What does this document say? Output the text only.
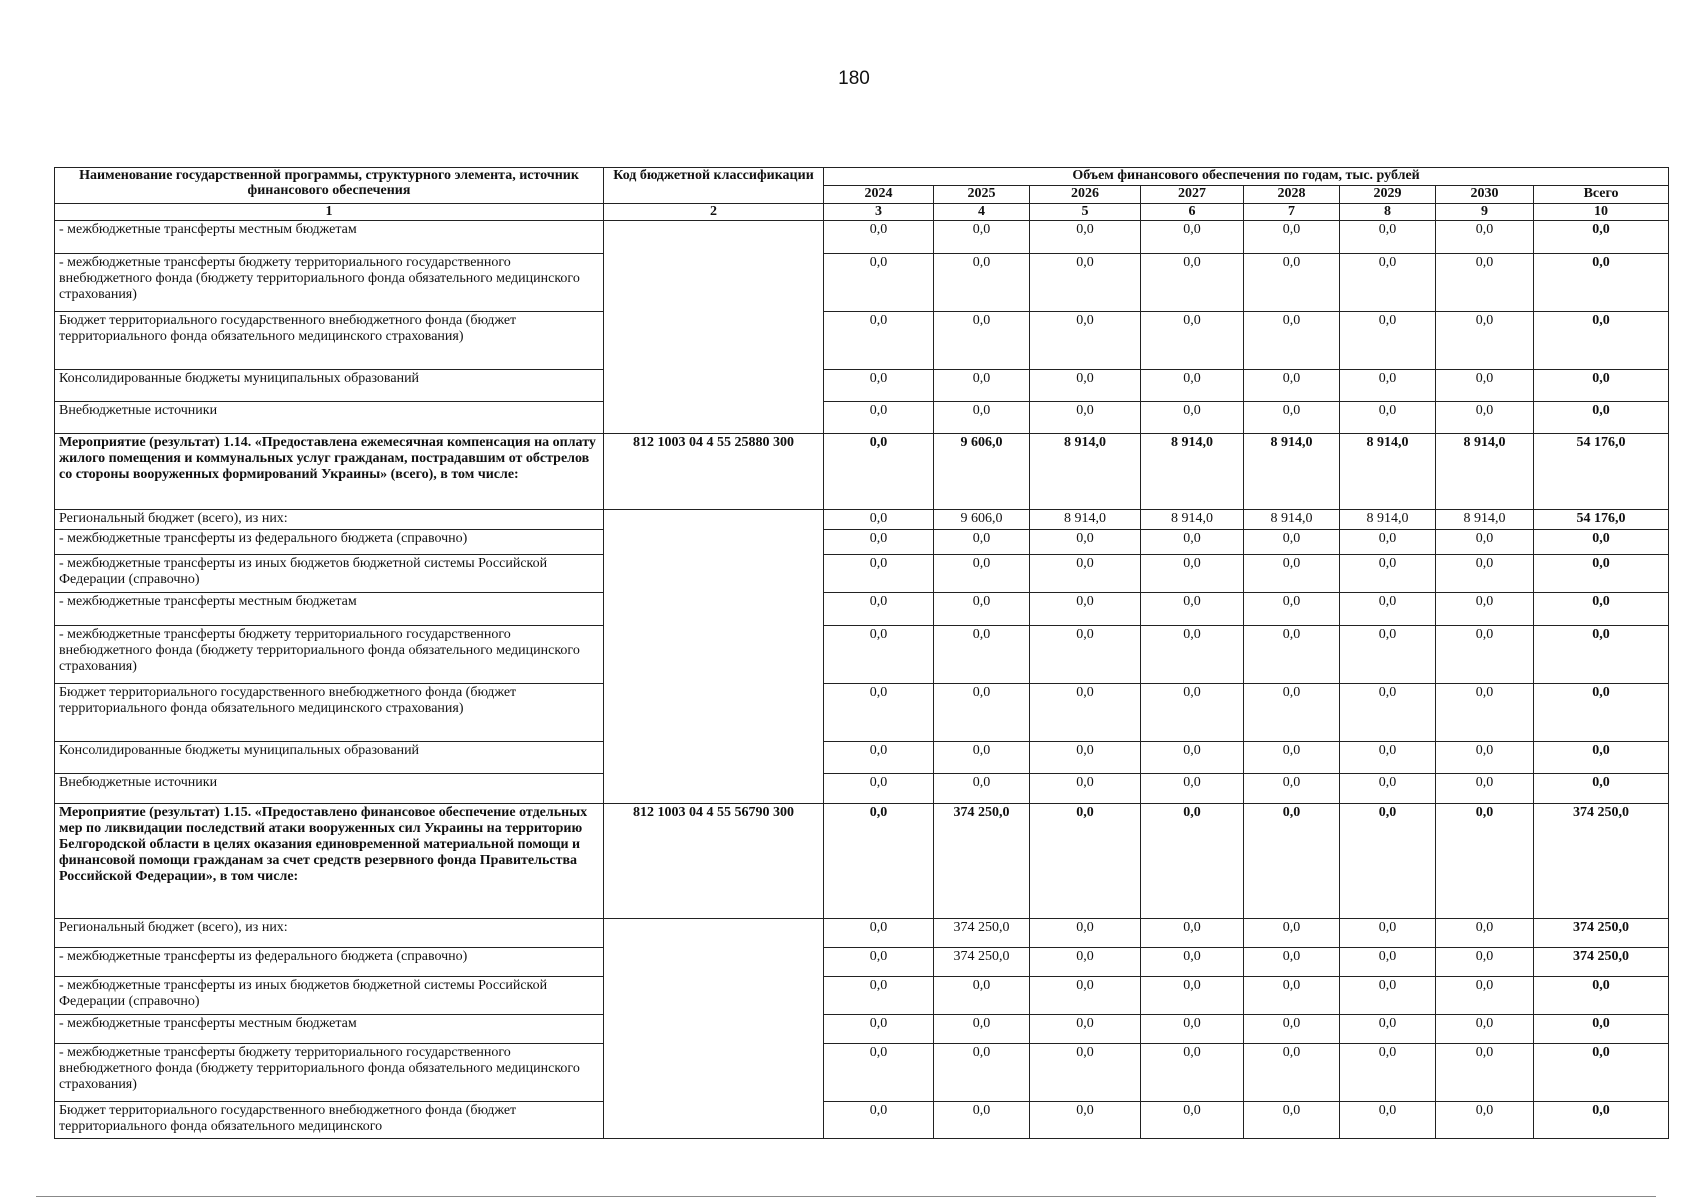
180
Наименование государственной программы, структурного элемента, источник финансового обеспечения	Код бюджетной классификации	Объем финансового обеспечения по годам, тыс. рублей							
		2024	2025	2026	2027	2028	2029	2030	Всего
1	2	3	4	5	6	7	8	9	10
- межбюджетные трансферты местным бюджетам		0,0	0,0	0,0	0,0	0,0	0,0	0,0	0,0
- межбюджетные трансферты бюджету территориального государственного внебюджетного фонда (бюджету территориального фонда обязательного медицинского страхования)		0,0	0,0	0,0	0,0	0,0	0,0	0,0	0,0
Бюджет территориального государственного внебюджетного фонда (бюджет территориального фонда обязательного медицинского страхования)		0,0	0,0	0,0	0,0	0,0	0,0	0,0	0,0
Консолидированные бюджеты муниципальных образований		0,0	0,0	0,0	0,0	0,0	0,0	0,0	0,0
Внебюджетные источники		0,0	0,0	0,0	0,0	0,0	0,0	0,0	0,0
Мероприятие (результат) 1.14. «Предоставлена ежемесячная компенсация на оплату жилого помещения и коммунальных услуг гражданам, пострадавшим от обстрелов со стороны вооруженных формирований Украины» (всего), в том числе:	812 1003 04 4 55 25880 300	0,0	9 606,0	8 914,0	8 914,0	8 914,0	8 914,0	8 914,0	54 176,0
Региональный бюджет (всего), из них:		0,0	9 606,0	8 914,0	8 914,0	8 914,0	8 914,0	8 914,0	54 176,0
- межбюджетные трансферты из федерального бюджета (справочно)		0,0	0,0	0,0	0,0	0,0	0,0	0,0	0,0
- межбюджетные трансферты из иных бюджетов бюджетной системы Российской Федерации (справочно)		0,0	0,0	0,0	0,0	0,0	0,0	0,0	0,0
- межбюджетные трансферты местным бюджетам		0,0	0,0	0,0	0,0	0,0	0,0	0,0	0,0
- межбюджетные трансферты бюджету территориального государственного внебюджетного фонда (бюджету территориального фонда обязательного медицинского страхования)		0,0	0,0	0,0	0,0	0,0	0,0	0,0	0,0
Бюджет территориального государственного внебюджетного фонда (бюджет территориального фонда обязательного медицинского страхования)		0,0	0,0	0,0	0,0	0,0	0,0	0,0	0,0
Консолидированные бюджеты муниципальных образований		0,0	0,0	0,0	0,0	0,0	0,0	0,0	0,0
Внебюджетные источники		0,0	0,0	0,0	0,0	0,0	0,0	0,0	0,0
Мероприятие (результат) 1.15. «Предоставлено финансовое обеспечение отдельных мер по ликвидации последствий атаки вооруженных сил Украины на территорию Белгородской области в целях оказания единовременной материальной помощи и финансовой помощи гражданам за счет средств резервного фонда Правительства Российской Федерации», в том числе:	812 1003 04 4 55 56790 300	0,0	374 250,0	0,0	0,0	0,0	0,0	0,0	374 250,0
Региональный бюджет (всего), из них:		0,0	374 250,0	0,0	0,0	0,0	0,0	0,0	374 250,0
- межбюджетные трансферты из федерального бюджета (справочно)		0,0	374 250,0	0,0	0,0	0,0	0,0	0,0	374 250,0
- межбюджетные трансферты из иных бюджетов бюджетной системы Российской Федерации (справочно)		0,0	0,0	0,0	0,0	0,0	0,0	0,0	0,0
- межбюджетные трансферты местным бюджетам		0,0	0,0	0,0	0,0	0,0	0,0	0,0	0,0
- межбюджетные трансферты бюджету территориального государственного внебюджетного фонда (бюджету территориального фонда обязательного медицинского страхования)		0,0	0,0	0,0	0,0	0,0	0,0	0,0	0,0
Бюджет территориального государственного внебюджетного фонда (бюджет территориального фонда обязательного медицинского		0,0	0,0	0,0	0,0	0,0	0,0	0,0	0,0
